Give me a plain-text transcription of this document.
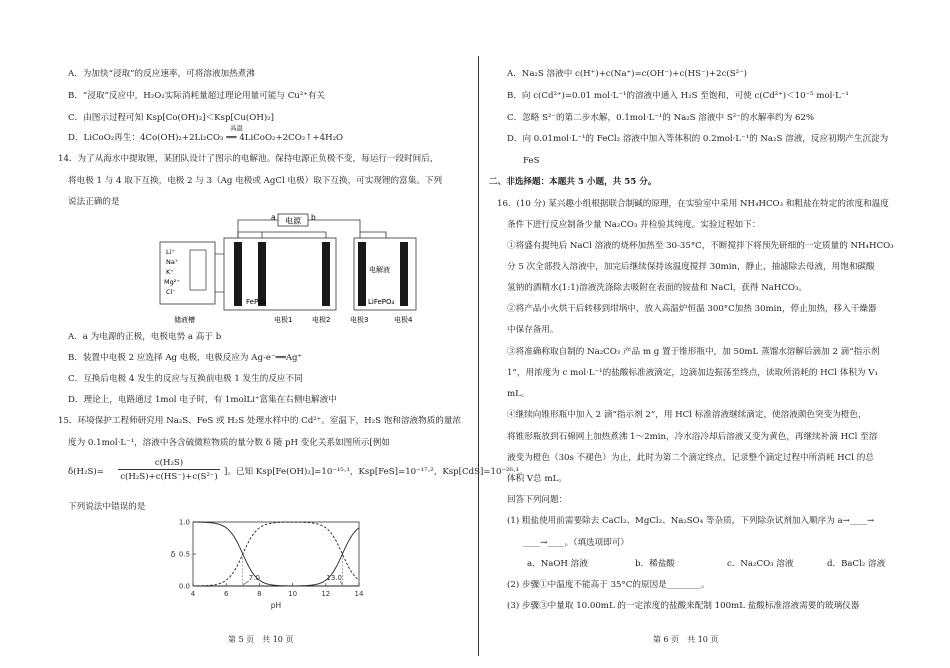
A．为加快“浸取”的反应速率，可将溶液加热煮沸
B．“浸取”反应中，H₂O₂实际消耗量超过理论用量可能与 Cu²⁺有关
C．由图示过程可知 Ksp[Co(OH)₂]＜Ksp[Cu(OH)₂]
高温
D．LiCoO₂再生：4Co(OH)₂+2Li₂CO₃ ══ 4LiCoO₂+2CO₂↑+4H₂O
14．为了从海水中提取锂，某团队设计了图示的电解池。保持电源正负极不变，每运行一段时间后，
将电极 1 与 4 取下互换，电极 2 与 3（Ag 电极或 AgCl 电极）取下互换，可实现锂的富集。下列
说法正确的是
电源
a	b
Li⁺
Na⁺
K⁺
Mg²⁺
Cl⁻
FePO₄
电解液
LiFePO₄
储液槽	电极1	电极2	电极3	电极4
A．a 为电源的正极，电极电势 a 高于 b
B．装置中电极 2 应选择 Ag 电极，电极反应为 Ag-e⁻══Ag⁺
C．互换后电极 4 发生的反应与互换前电极 1 发生的反应不同
D．理论上，电路通过 1mol 电子时，有 1molLi⁺富集在右侧电解液中
15．环境保护工程师研究用 Na₂S、FeS 或 H₂S 处理水样中的 Cd²⁺。室温下，H₂S 饱和溶液物质的量浓
度为 0.1mol·L⁻¹，溶液中各含硫微粒物质的量分数 δ 随 pH 变化关系如图所示[例如
δ(H₂S)=
c(H₂S)
c(H₂S)+c(HS⁻)+c(S²⁻) ]。已知 Ksp[Fe(OH)₂]=10⁻¹⁵·¹，Ksp[FeS]=10⁻¹⁷·²，Ksp[CdS]=10⁻²⁶·¹。
下列说法中错误的是
4	6	8	10	12	14
0.0
0.5
1.0
pH
δ
7.0	13.0
第 5 页　共 10 页
A．Na₂S 溶液中 c(H⁺)+c(Na⁺)=c(OH⁻)+c(HS⁻)+2c(S²⁻)
B．向 c(Cd²⁺)=0.01 mol·L⁻¹的溶液中通入 H₂S 至饱和，可使 c(Cd²⁺)＜10⁻⁵ mol·L⁻¹
C．忽略 S²⁻的第二步水解，0.1mol·L⁻¹的 Na₂S 溶液中 S²⁻的水解率约为 62%
D．向 0.01mol·L⁻¹的 FeCl₂ 溶液中加入等体积的 0.2mol·L⁻¹的 Na₂S 溶液，反应初期产生沉淀为
FeS
二、非选择题：本题共 5 小题，共 55 分。
16．(10 分) 某兴趣小组根据联合制碱的原理，在实验室中采用 NH₄HCO₃ 和粗盐在特定的浓度和温度
条件下进行反应制备少量 Na₂CO₃ 并检验其纯度。实验过程如下：
①将盛有提纯后 NaCl 溶液的烧杯加热至 30-35°C，不断搅拌下将预先研细的一定质量的 NH₄HCO₃
分 5 次全部投入溶液中，加完后继续保持该温度搅拌 30min，静止，抽滤除去母液，用饱和碳酸
氢钠的酒精水(1:1)溶液洗涤除去吸附在表面的铵盐和 NaCl，获得 NaHCO₃。
②将产品小火烘干后转移到坩埚中，放入高温炉恒温 300°C加热 30min，停止加热，移入干燥器
中保存备用。
③将准确称取自制的 Na₂CO₃ 产品 m g 置于锥形瓶中，加 50mL 蒸馏水溶解后滴加 2 滴“指示剂
1”，用浓度为 c mol·L⁻¹的盐酸标准液滴定，边滴加边振荡至终点，读取所消耗的 HCl 体积为 V₁
mL。
④继续向锥形瓶中加入 2 滴“指示剂 2”，用 HCl 标准溶液继续滴定，使溶液颜色突变为橙色，
将锥形瓶放到石棉网上加热煮沸 1～2min，冷水浴冷却后溶液又变为黄色，再继续补滴 HCl 至溶
液变为橙色（30s 不褪色）为止，此时为第二个滴定终点，记录整个滴定过程中所消耗 HCl 的总
体积 V总 mL。
回答下列问题：
(1) 粗盐使用前需要除去 CaCl₂、MgCl₂、Na₂SO₄ 等杂质，下列除杂试剂加入顺序为 a→____→
____→____。（填选项即可）
a．NaOH 溶液	b．稀盐酸	c．Na₂CO₃ 溶液	d．BaCl₂ 溶液
(2) 步骤①中温度不能高于 35°C的原因是________。
(3) 步骤③中量取 10.00mL 的一定浓度的盐酸来配制 100mL 盐酸标准溶液需要的玻璃仪器
第 6 页　共 10 页
